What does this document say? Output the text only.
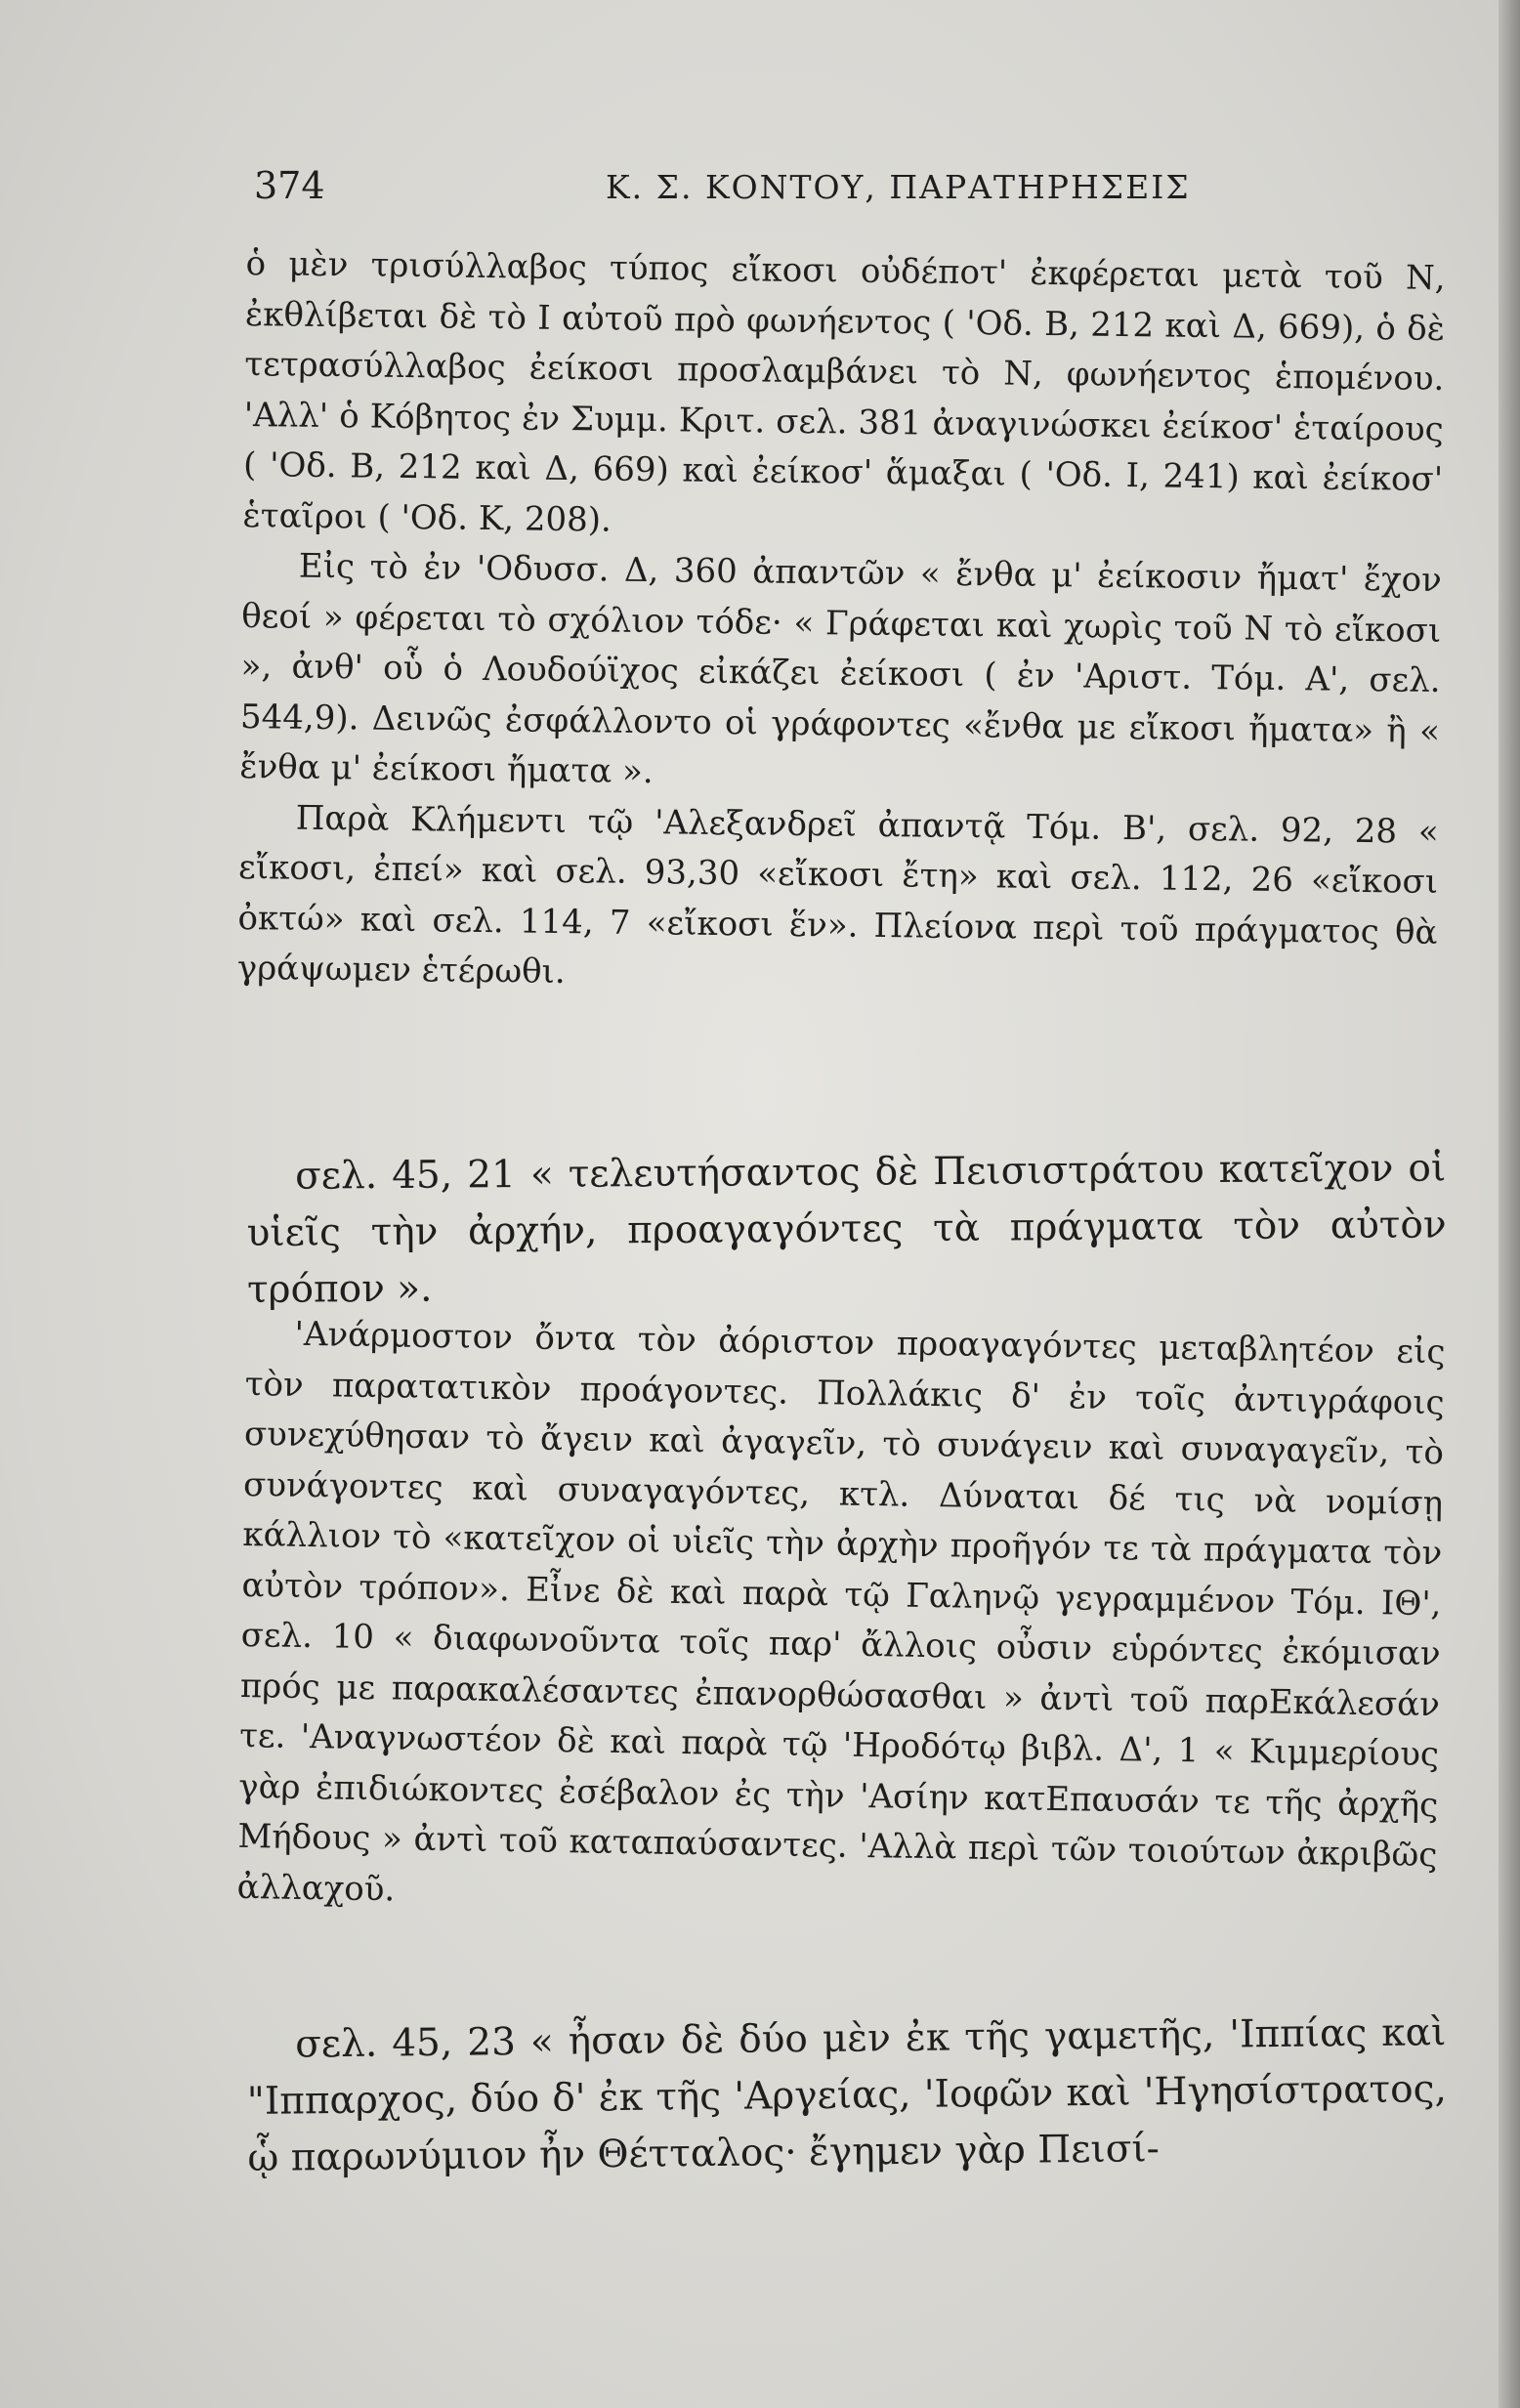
374	Κ. Σ. ΚΟΝΤΟΥ, ΠΑΡΑΤΗΡΗΣΕΙΣ

ὁ μὲν τρισύλλαβος τύπος εἴκοσι οὐδέποτ' ἐκφέρεται μετὰ τοῦ Ν, ἐκθλίβεται δὲ τὸ Ι αὐτοῦ πρὸ φωνήεντος ( 'Οδ. Β, 212 καὶ Δ, 669), ὁ δὲ τετρασύλλαβος ἐείκοσι προσλαμβάνει τὸ Ν, φωνήεντος ἑπομένου. 'Αλλ' ὁ Κόβητος ἐν Συμμ. Κριτ. σελ. 381 ἀναγινώσκει ἐείκοσ' ἑταίρους ( 'Οδ. Β, 212 καὶ Δ, 669) καὶ ἐείκοσ' ἅμαξαι ( 'Οδ. Ι, 241) καὶ ἐείκοσ' ἑταῖροι ( 'Οδ. Κ, 208).

Εἰς τὸ ἐν 'Οδυσσ. Δ, 360 ἀπαντῶν « ἔνθα μ' ἐείκοσιν ἤματ' ἔχον θεοί » φέρεται τὸ σχόλιον τόδε· « Γράφεται καὶ χωρὶς τοῦ Ν τὸ εἴκοσι », ἀνθ' οὗ ὁ Λουδούϊχος εἰκάζει ἐείκοσι ( ἐν 'Αριστ. Τόμ. Α', σελ. 544,9). Δεινῶς ἐσφάλλοντο οἱ γράφοντες «ἔνθα με εἴκοσι ἤματα» ἢ « ἔνθα μ' ἐείκοσι ἤματα ».

Παρὰ Κλήμεντι τῷ 'Αλεξανδρεῖ ἀπαντᾷ Τόμ. Β', σελ. 92, 28 « εἴκοσι, ἐπεί» καὶ σελ. 93,30 «εἴκοσι ἔτη» καὶ σελ. 112, 26 «εἴκοσι ὀκτώ» καὶ σελ. 114, 7 «εἴκοσι ἕν». Πλείονα περὶ τοῦ πράγματος θὰ γράψωμεν ἑτέρωθι.

σελ. 45, 21 « τελευτήσαντος δὲ Πεισιστράτου κατεῖχον οἱ υἱεῖς τὴν ἀρχήν, προαγαγόντες τὰ πράγματα τὸν αὐτὸν τρόπον ».

'Ανάρμοστον ὄντα τὸν ἀόριστον προαγαγόντες μεταβλητέον εἰς τὸν παρατατικὸν προάγοντες. Πολλάκις δ' ἐν τοῖς ἀντιγράφοις συνεχύθησαν τὸ ἄγειν καὶ ἀγαγεῖν, τὸ συνάγειν καὶ συναγαγεῖν, τὸ συνάγοντες καὶ συναγαγόντες, κτλ. Δύναται δέ τις νὰ νομίσῃ κάλλιον τὸ «κατεῖχον οἱ υἱεῖς τὴν ἀρχὴν προῆγόν τε τὰ πράγματα τὸν αὐτὸν τρόπον». Εἶνε δὲ καὶ παρὰ τῷ Γαληνῷ γεγραμμένον Τόμ. ΙΘ', σελ. 10 « διαφωνοῦντα τοῖς παρ' ἄλλοις οὖσιν εὑρόντες ἐκόμισαν πρός με παρακαλέσαντες ἐπανορθώσασθαι » ἀντὶ τοῦ παρΕκάλεσάν τε. 'Αναγνωστέον δὲ καὶ παρὰ τῷ 'Ηροδότῳ βιβλ. Δ', 1 « Κιμμερίους γὰρ ἐπιδιώκοντες ἐσέβαλον ἐς τὴν 'Ασίην κατΕπαυσάν τε τῆς ἀρχῆς Μήδους » ἀντὶ τοῦ καταπαύσαντες. 'Αλλὰ περὶ τῶν τοιούτων ἀκριβῶς ἀλλαχοῦ.

σελ. 45, 23 « ἦσαν δὲ δύο μὲν ἐκ τῆς γαμετῆς, 'Ιππίας καὶ "Ιππαρχος, δύο δ' ἐκ τῆς 'Αργείας, 'Ιοφῶν καὶ 'Ηγησίστρατος, ᾧ παρωνύμιον ἦν Θέτταλος· ἔγημεν γὰρ Πεισί-
